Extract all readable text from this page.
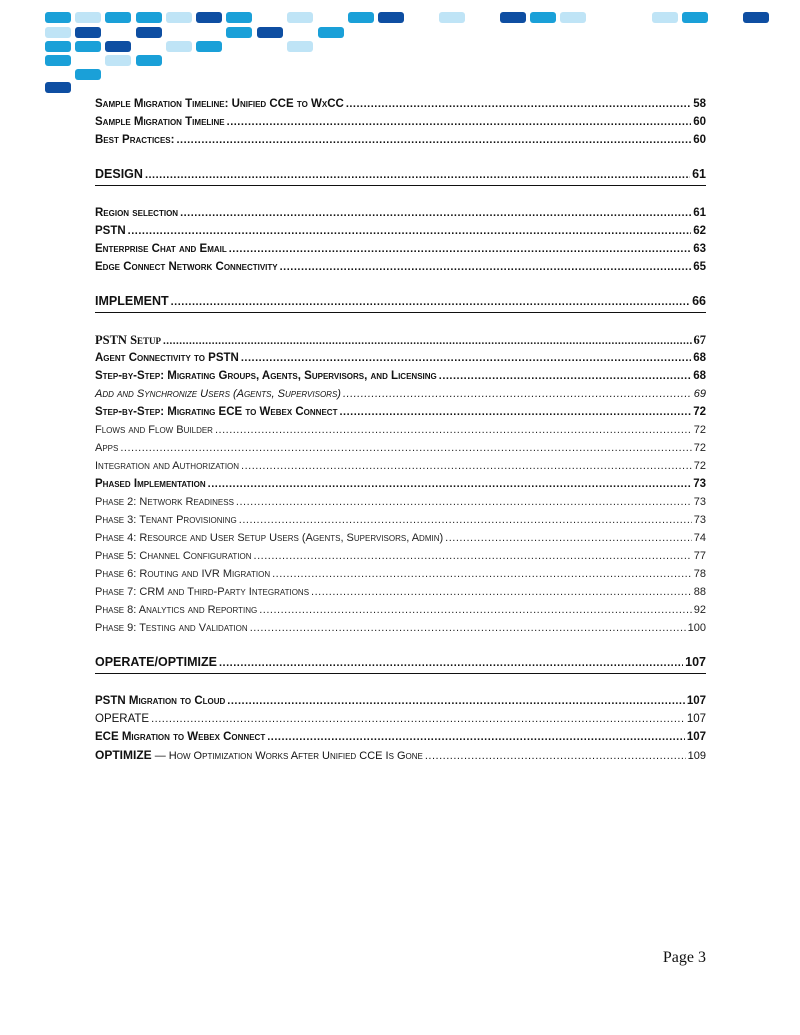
Sample Migration Timeline: Unified CCE to WxCC .....	58
Sample Migration Timeline .....	60
Best Practices: .....	60
DESIGN .....	61
Region selection .....	61
PSTN .....	62
Enterprise Chat and Email .....	63
Edge Connect Network Connectivity .....	65
IMPLEMENT .....	66
PSTN Setup .....	67
Agent Connectivity to PSTN .....	68
Step-by-Step: Migrating Groups, Agents, Supervisors, and Licensing .....	68
Add and Synchronize Users (Agents, Supervisors) .....	69
Step-by-Step: Migrating ECE to Webex Connect .....	72
Flows and Flow Builder .....	72
Apps .....	72
Integration and Authorization .....	72
Phased Implementation .....	73
Phase 2: Network Readiness .....	73
Phase 3: Tenant Provisioning .....	73
Phase 4: Resource and User Setup Users (Agents, Supervisors, Admin) .....	74
Phase 5: Channel Configuration .....	77
Phase 6: Routing and IVR Migration .....	78
Phase 7: CRM and Third-Party Integrations .....	88
Phase 8: Analytics and Reporting .....	92
Phase 9: Testing and Validation .....	100
OPERATE/OPTIMIZE .....	107
PSTN Migration to Cloud .....	107
OPERATE .....	107
ECE Migration to Webex Connect .....	107
OPTIMIZE — How Optimization Works After Unified CCE Is Gone .....	109
Page 3
